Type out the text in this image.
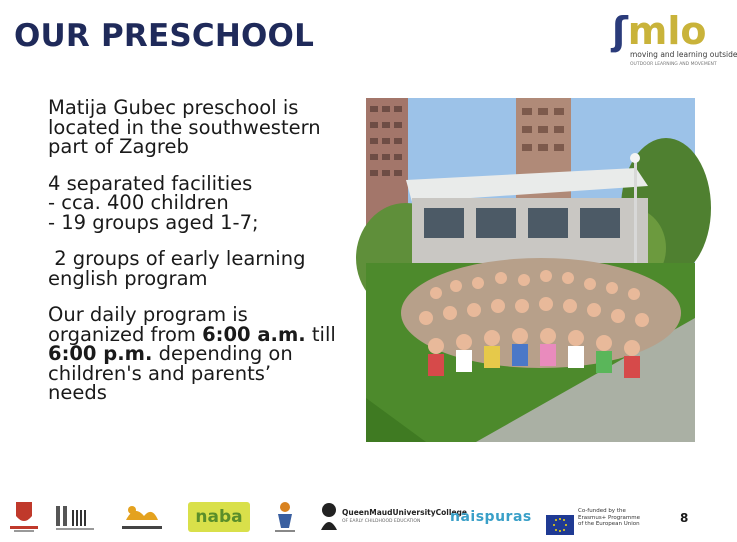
OUR PRESCHOOL	ʃmlo
moving and learning outside
OUTDOOR LEARNING AND MOVEMENT
Matija Gubec preschool is
located in the southwestern
part of Zagreb
4 separated facilities
- cca. 400 children
- 19 groups aged 1-7;
2 groups of early learning
english program
Our daily program is
organized from 6:00 a.m. till
6:00 p.m. depending on
children's and parents’
needs
naba	QueenMaudUniversityCollege
OF EARLY CHILDHOOD EDUCATION	naispuras	Co-funded by the Erasmus+ Programme of the European Union	8
